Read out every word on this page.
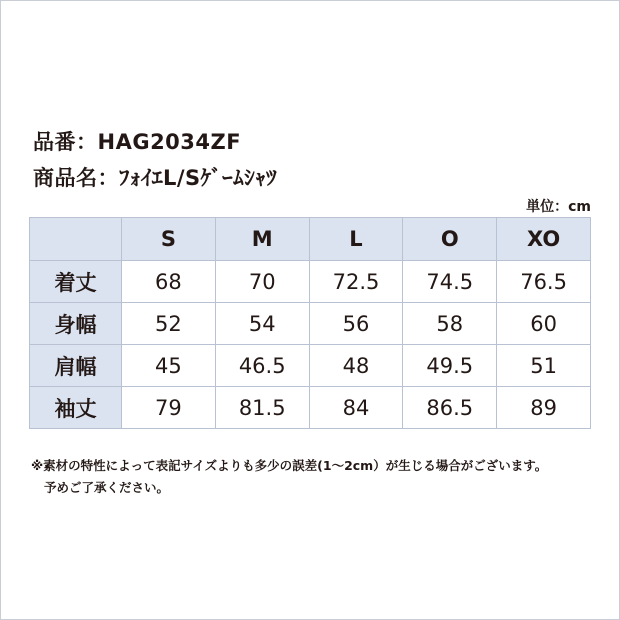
品番：HAG2034ZF
商品名：ﾌｫｲｴL/Sｹﾞｰﾑｼｬﾂ
単位：cm
	S	M	L	O	XO
着丈	68	70	72.5	74.5	76.5
身幅	52	54	56	58	60
肩幅	45	46.5	48	49.5	51
袖丈	79	81.5	84	86.5	89
※素材の特性によって表記サイズよりも多少の誤差(1〜2cm）が生じる場合がございます。
予めご了承ください。
